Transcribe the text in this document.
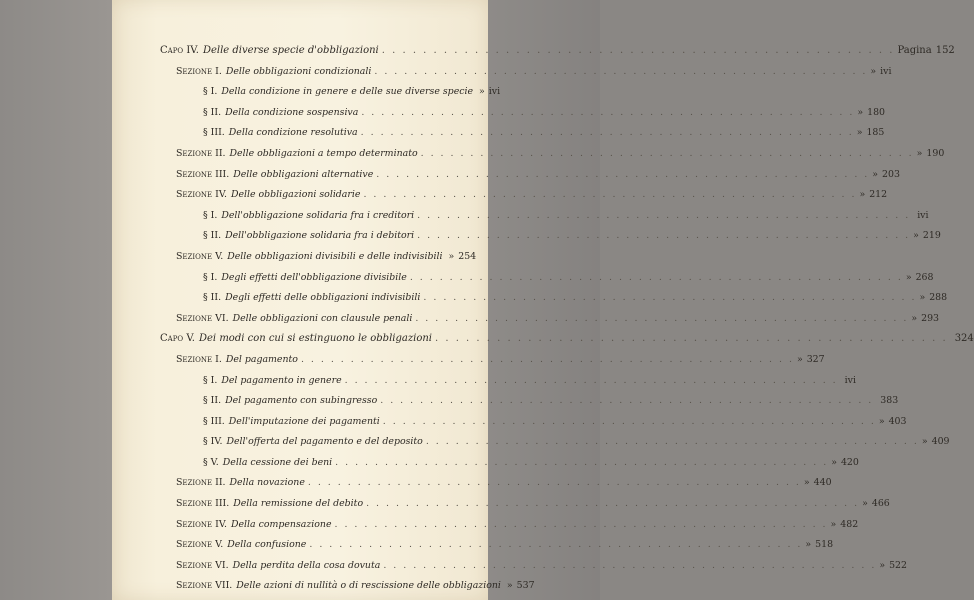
Capo IV. Delle diverse specie d'obbligazioni . . . . . . . . . . . . . . . . . . . . . . . . . . . . . . . . . . . . . . . . . . . . . . . . . . Pagina 152
Sezione I. Delle obbligazioni condizionali . . . . . . . . . . . . . . . . . . . . . . . . . . . . . . . . . . . . . . . . . . . . . . . . . . » ivi
§ I. Della condizione in genere e delle sue diverse specie » ivi
§ II. Della condizione sospensiva . . . . . . . . . . . . . . . . . . . . . . . . . . . . . . . . . . . . . . . . . . . . . . . . . . » 180
§ III. Della condizione resolutiva . . . . . . . . . . . . . . . . . . . . . . . . . . . . . . . . . . . . . . . . . . . . . . . . . . » 185
Sezione II. Delle obbligazioni a tempo determinato . . . . . . . . . . . . . . . . . . . . . . . . . . . . . . . . . . . . . . . . . . . . . . . . . . » 190
Sezione III. Delle obbligazioni alternative . . . . . . . . . . . . . . . . . . . . . . . . . . . . . . . . . . . . . . . . . . . . . . . . . . » 203
Sezione IV. Delle obbligazioni solidarie . . . . . . . . . . . . . . . . . . . . . . . . . . . . . . . . . . . . . . . . . . . . . . . . . . » 212
§ I. Dell'obbligazione solidaria fra i creditori . . . . . . . . . . . . . . . . . . . . . . . . . . . . . . . . . . . . . . . . . . . . . . . . . . ivi
§ II. Dell'obbligazione solidaria fra i debitori . . . . . . . . . . . . . . . . . . . . . . . . . . . . . . . . . . . . . . . . . . . . . . . . . . » 219
Sezione V. Delle obbligazioni divisibili e delle indivisibili » 254
§ I. Degli effetti dell'obbligazione divisibile . . . . . . . . . . . . . . . . . . . . . . . . . . . . . . . . . . . . . . . . . . . . . . . . . . » 268
§ II. Degli effetti delle obbligazioni indivisibili . . . . . . . . . . . . . . . . . . . . . . . . . . . . . . . . . . . . . . . . . . . . . . . . . . » 288
Sezione VI. Delle obbligazioni con clausule penali . . . . . . . . . . . . . . . . . . . . . . . . . . . . . . . . . . . . . . . . . . . . . . . . . . » 293
Capo V. Dei modi con cui si estinguono le obbligazioni . . . . . . . . . . . . . . . . . . . . . . . . . . . . . . . . . . . . . . . . . . . . . . . . . . 324
Sezione I. Del pagamento . . . . . . . . . . . . . . . . . . . . . . . . . . . . . . . . . . . . . . . . . . . . . . . . . . » 327
§ I. Del pagamento in genere . . . . . . . . . . . . . . . . . . . . . . . . . . . . . . . . . . . . . . . . . . . . . . . . . . ivi
§ II. Del pagamento con subingresso . . . . . . . . . . . . . . . . . . . . . . . . . . . . . . . . . . . . . . . . . . . . . . . . . . 383
§ III. Dell'imputazione dei pagamenti . . . . . . . . . . . . . . . . . . . . . . . . . . . . . . . . . . . . . . . . . . . . . . . . . . » 403
§ IV. Dell'offerta del pagamento e del deposito . . . . . . . . . . . . . . . . . . . . . . . . . . . . . . . . . . . . . . . . . . . . . . . . . . » 409
§ V. Della cessione dei beni . . . . . . . . . . . . . . . . . . . . . . . . . . . . . . . . . . . . . . . . . . . . . . . . . . » 420
Sezione II. Della novazione . . . . . . . . . . . . . . . . . . . . . . . . . . . . . . . . . . . . . . . . . . . . . . . . . . » 440
Sezione III. Della remissione del debito . . . . . . . . . . . . . . . . . . . . . . . . . . . . . . . . . . . . . . . . . . . . . . . . . . » 466
Sezione IV. Della compensazione . . . . . . . . . . . . . . . . . . . . . . . . . . . . . . . . . . . . . . . . . . . . . . . . . . » 482
Sezione V. Della confusione . . . . . . . . . . . . . . . . . . . . . . . . . . . . . . . . . . . . . . . . . . . . . . . . . . » 518
Sezione VI. Della perdita della cosa dovuta . . . . . . . . . . . . . . . . . . . . . . . . . . . . . . . . . . . . . . . . . . . . . . . . . . » 522
Sezione VII. Delle azioni di nullità o di rescissione delle obbligazioni » 537
